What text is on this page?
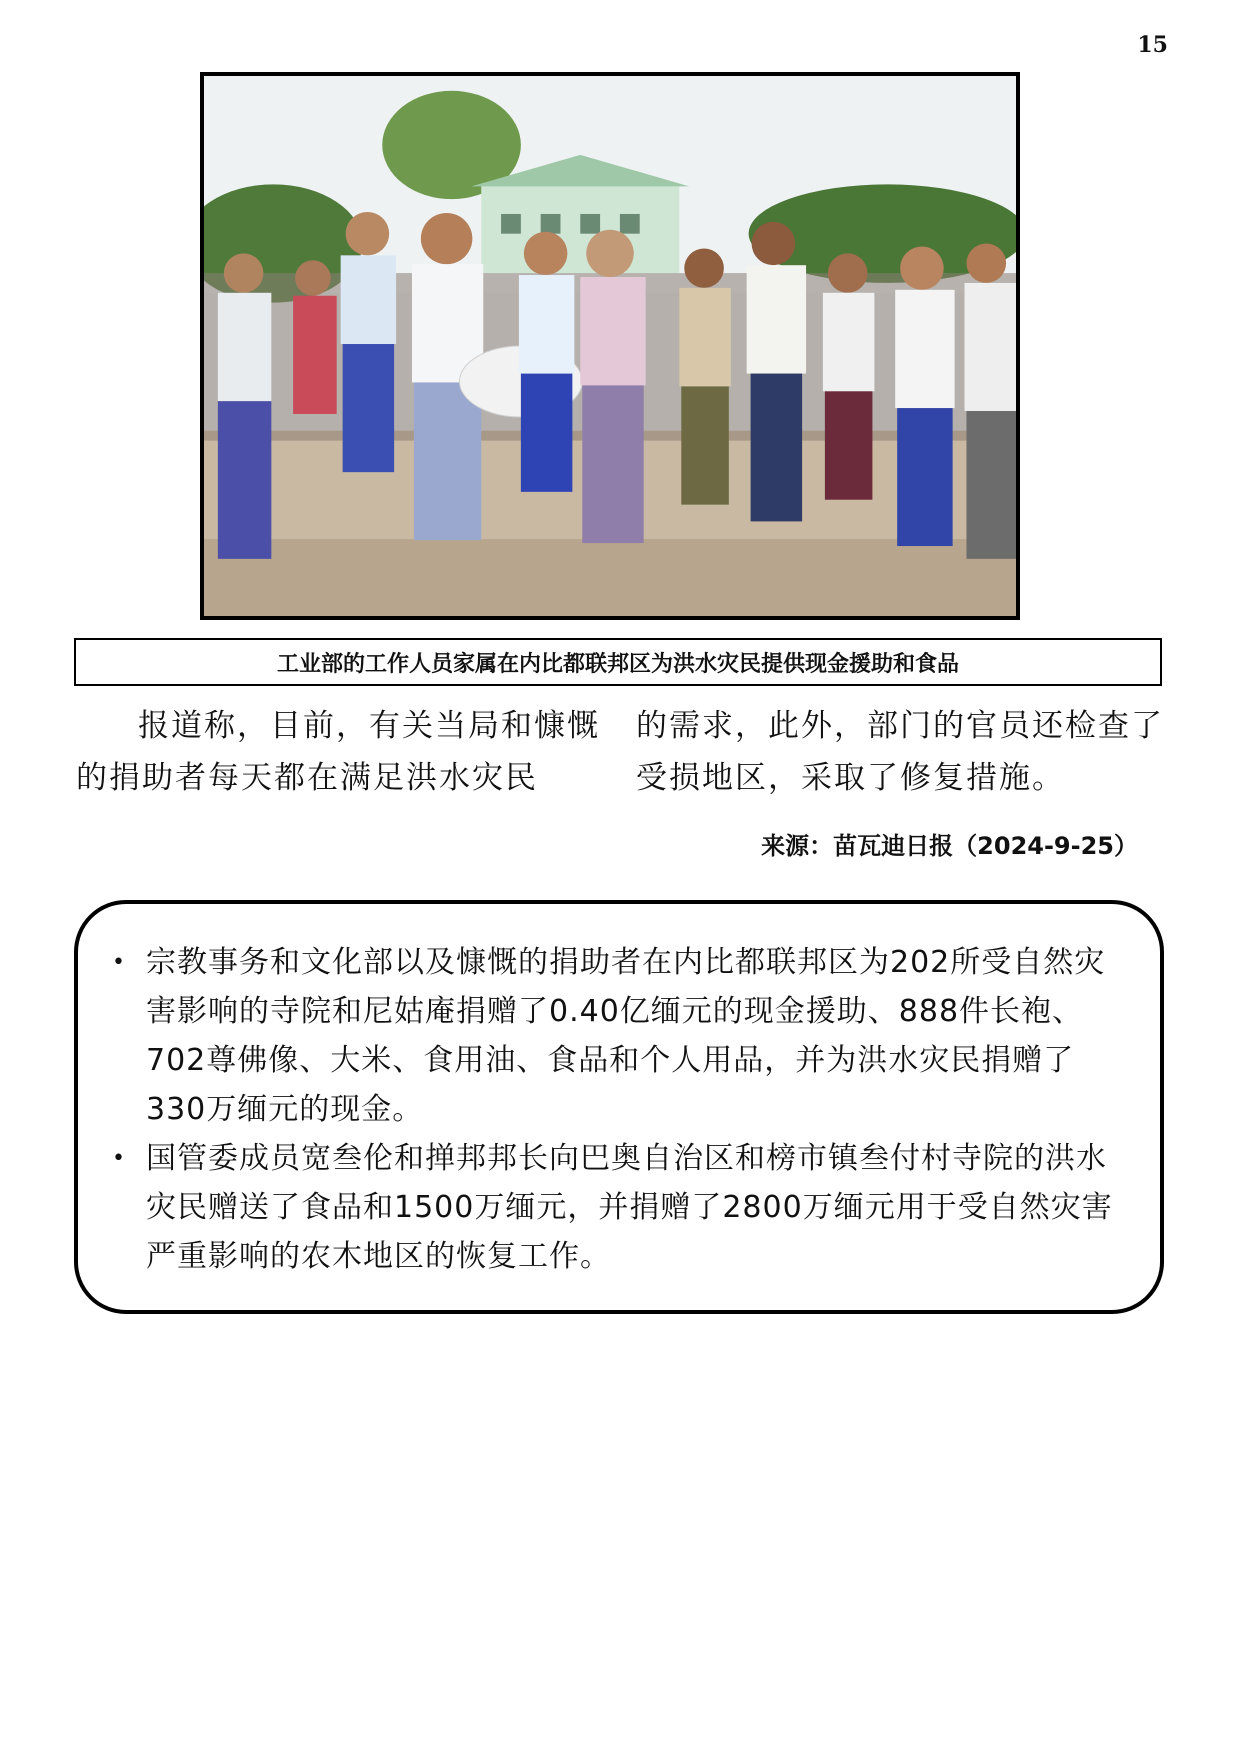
15
工业部的工作人员家属在内比都联邦区为洪水灾民提供现金援助和食品

报道称，目前，有关当局和慷慨的捐助者每天都在满足洪水灾民

的需求，此外，部门的官员还检查了受损地区，采取了修复措施。

来源：苗瓦迪日报（2024-9-25）
• 宗教事务和文化部以及慷慨的捐助者在内比都联邦区为202所受自然灾害影响的寺院和尼姑庵捐赠了0.40亿缅元的现金援助、888件长袍、702尊佛像、大米、食用油、食品和个人用品，并为洪水灾民捐赠了330万缅元的现金。
• 国管委成员宽叁伦和掸邦邦长向巴奥自治区和榜市镇叁付村寺院的洪水灾民赠送了食品和1500万缅元，并捐赠了2800万缅元用于受自然灾害严重影响的农木地区的恢复工作。
